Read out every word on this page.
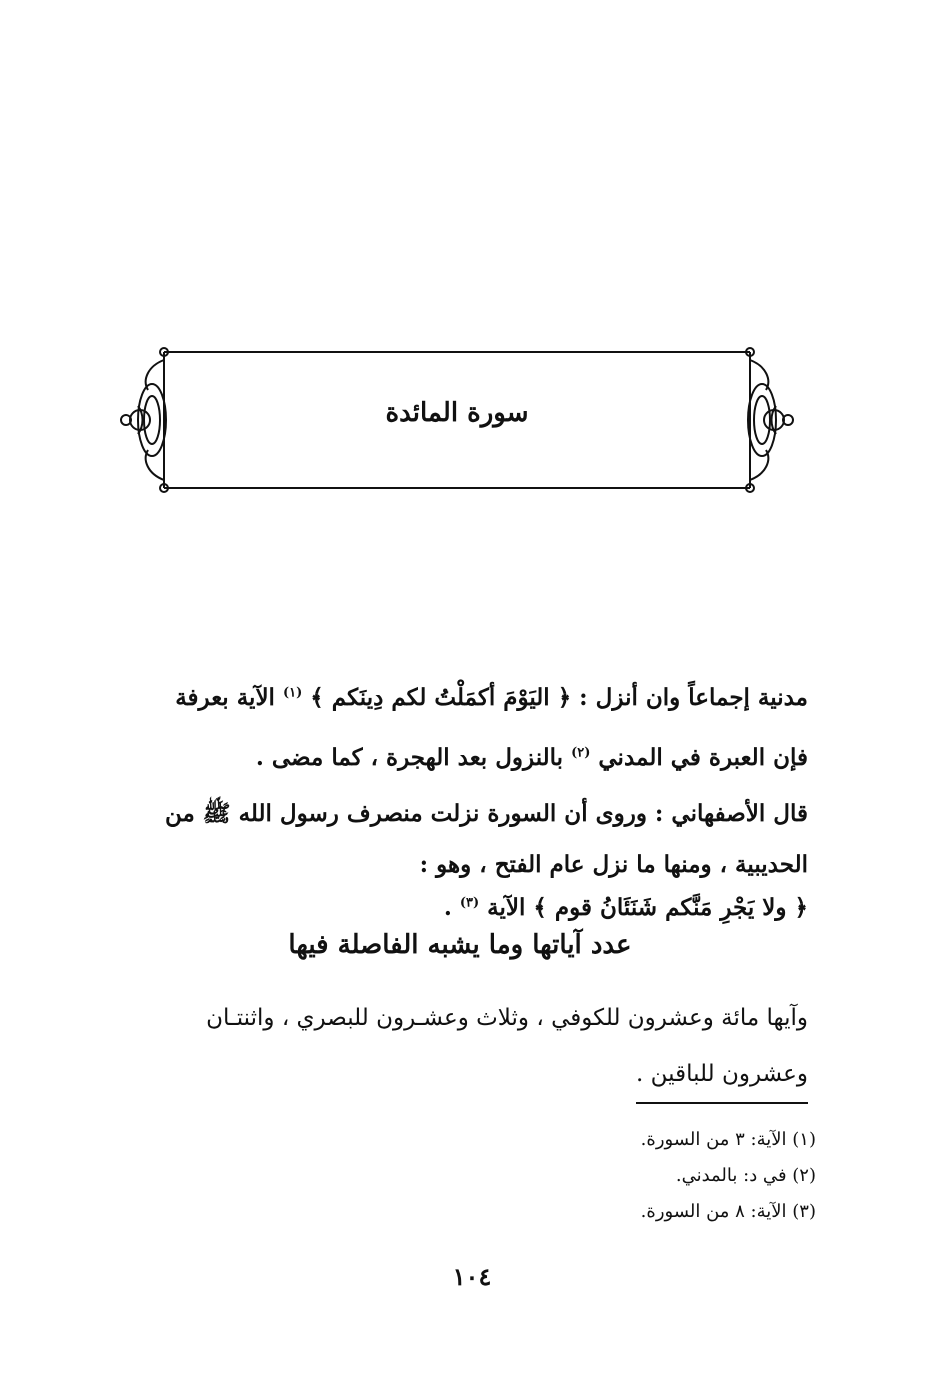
سورة المائدة
مدنية إجماعاً وان أنزل : ﴿ اليَوْمَ أكمَلْتُ لكم دِينَكم ﴾ $^{(١)}$ الآية بعرفة
فإن العبرة في المدني $^{(٢)}$ بالنزول بعد الهجرة ، كما مضى .
قال الأصفهاني : وروى أن السورة نزلت منصرف رسول الله ﷺ من
الحديبية ، ومنها ما نزل عام الفتح ، وهو :
﴿ ولا يَجْرِ مَنَّكم شَنَئَانُ قوم ﴾ الآية $^{(٣)}$ .
عدد آياتها وما يشبه الفاصلة فيها
وآيها مائة وعشرون للكوفي ، وثلاث وعشـرون للبصري ، واثنتـان
وعشرون للباقين .
(١) الآية: ٣ من السورة.
(٢) في د: بالمدني.
(٣) الآية: ٨ من السورة.
١٠٤
